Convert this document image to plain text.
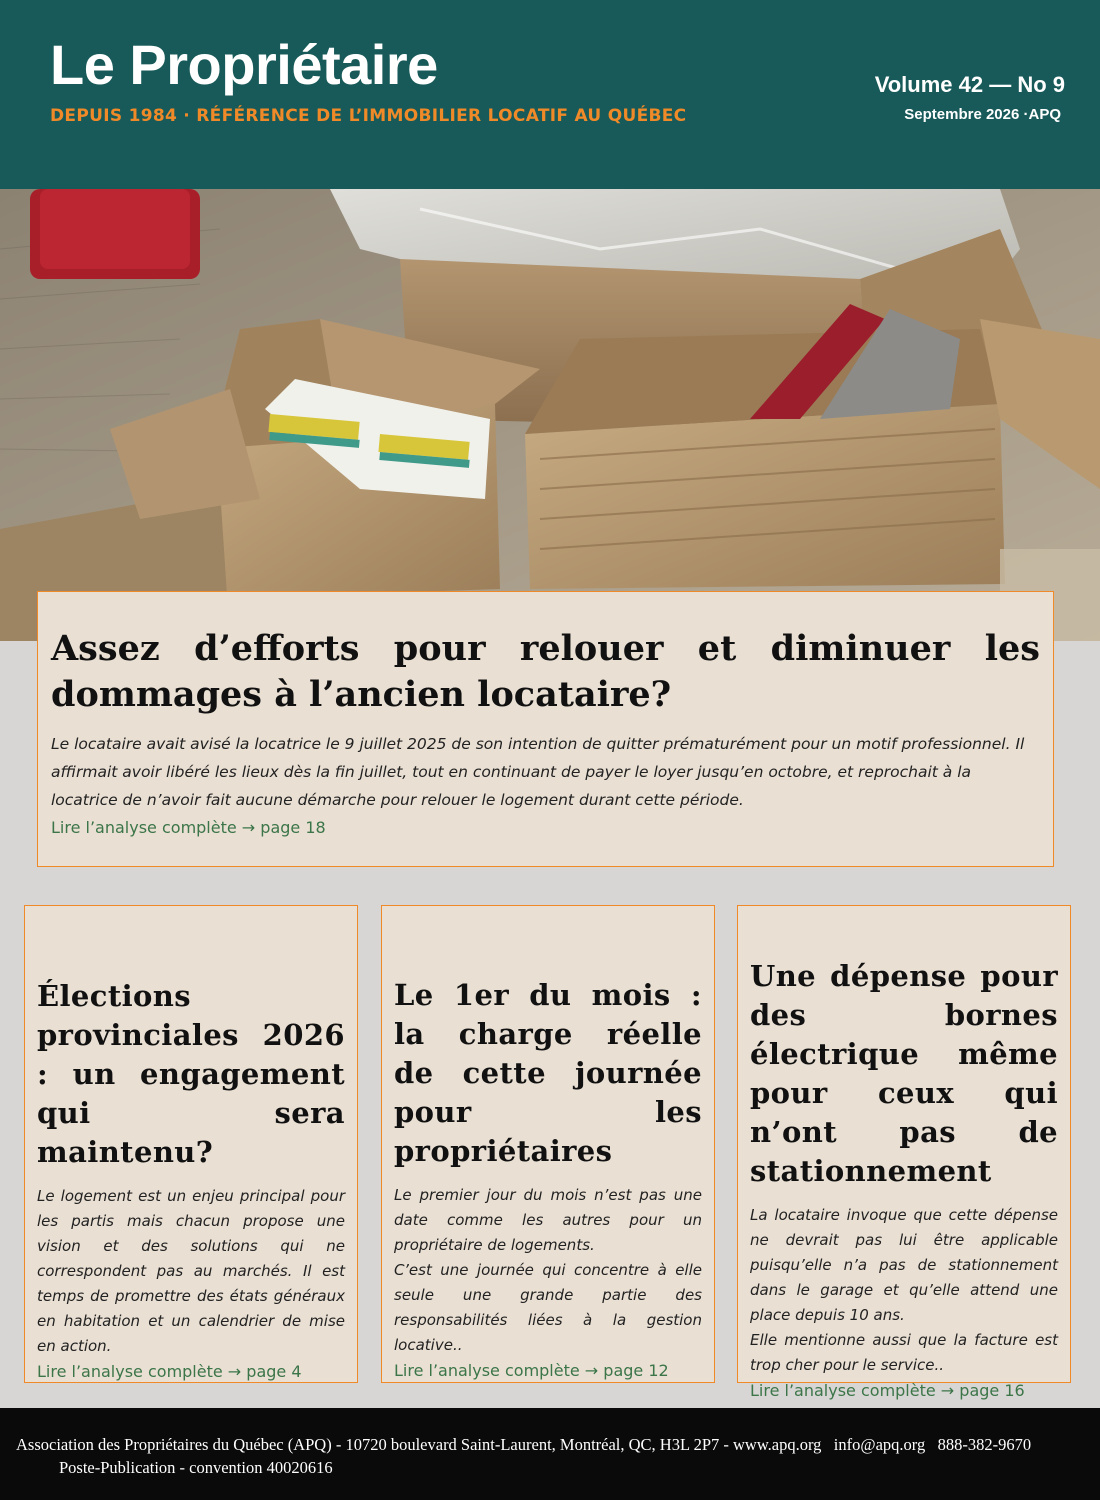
Le Propriétaire
DEPUIS 1984 · RÉFÉRENCE DE L’IMMOBILIER LOCATIF AU QUÉBEC
Volume 42 — No 9
Septembre 2026 ·APQ
Assez d’efforts pour relouer et diminuer les dommages à l’ancien locataire?

Le locataire avait avisé la locatrice le 9 juillet 2025 de son intention de quitter prématurément pour un motif professionnel. Il affirmait avoir libéré les lieux dès la fin juillet, tout en continuant de payer le loyer jusqu’en octobre, et reprochait à la locatrice de n’avoir fait aucune démarche pour relouer le logement durant cette période.

Lire l’analyse complète → page 18
Élections provinciales 2026 : un engagement qui sera maintenu?

Le logement est un enjeu principal pour les partis mais chacun propose une vision et des solutions qui ne correspondent pas au marchés. Il est temps de promettre des états généraux en habitation et un calendrier de mise en action.

Lire l’analyse complète → page 4
Le 1er du mois : la charge réelle de cette journée pour les propriétaires

Le premier jour du mois n’est pas une date comme les autres pour un propriétaire de logements.
C’est une journée qui concentre à elle seule une grande partie des responsabilités liées à la gestion locative..

Lire l’analyse complète → page 12
Une dépense pour des bornes électrique même pour ceux qui n’ont pas de stationnement

La locataire invoque que cette dépense ne devrait pas lui être applicable puisqu’elle n’a pas de stationnement dans le garage et qu’elle attend une place depuis 10 ans.
Elle mentionne aussi que la facture est trop cher pour le service..

Lire l’analyse complète → page 16
Association des Propriétaires du Québec (APQ) - 10720 boulevard Saint-Laurent, Montréal, QC, H3L 2P7 - www.apq.org   info@apq.org   888-382-9670
Poste-Publication - convention 40020616
